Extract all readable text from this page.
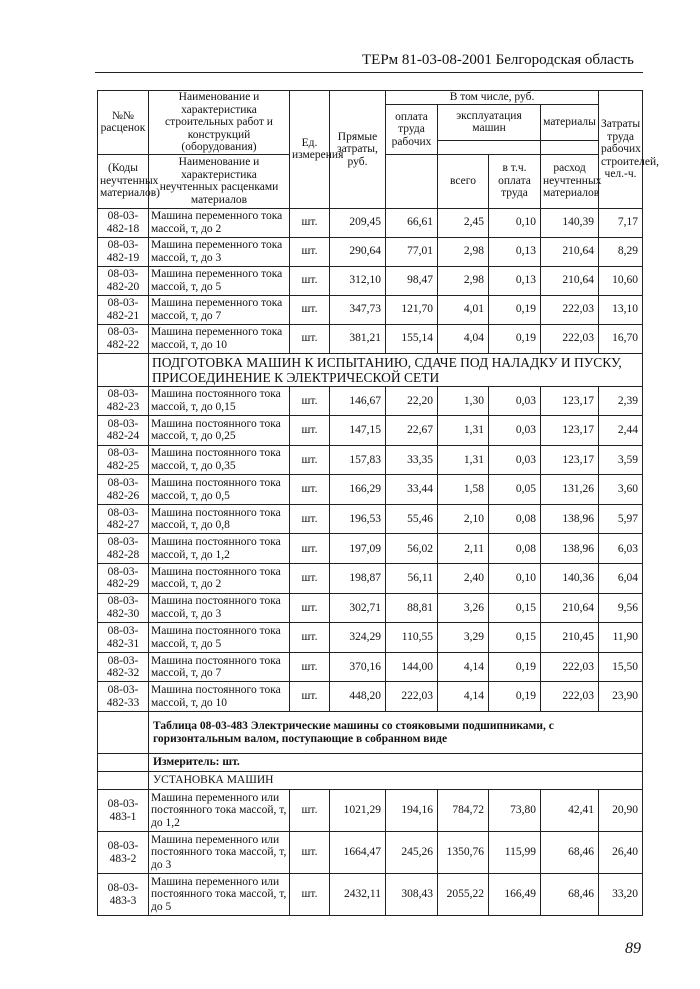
ТЕРм 81-03-08-2001 Белгородская область
№№ расценок	Наименование и характеристика строительных работ и конструкций (оборудования)	Ед. измерения	Прямые затраты, руб.	В том числе, руб.				Затраты труда рабочих строителей, чел.-ч.
				оплата труда рабочих	эксплуатация машин		материалы	

(Коды неучтенных материалов)	Наименование и характеристика неучтенных расценками материалов				всего	в т.ч. оплата труда	расход неучтенных материалов	
08-03-482-18	Машина переменного тока массой, т, до 2	шт.	209,45	66,61	2,45	0,10	140,39	7,17
08-03-482-19	Машина переменного тока массой, т, до 3	шт.	290,64	77,01	2,98	0,13	210,64	8,29
08-03-482-20	Машина переменного тока массой, т, до 5	шт.	312,10	98,47	2,98	0,13	210,64	10,60
08-03-482-21	Машина переменного тока массой, т, до 7	шт.	347,73	121,70	4,01	0,19	222,03	13,10
08-03-482-22	Машина переменного тока массой, т, до 10	шт.	381,21	155,14	4,04	0,19	222,03	16,70
	ПОДГОТОВКА МАШИН К ИСПЫТАНИЮ, СДАЧЕ ПОД НАЛАДКУ И ПУСКУ, ПРИСОЕДИНЕНИЕ К ЭЛЕКТРИЧЕСКОЙ СЕТИ							
08-03-482-23	Машина постоянного тока массой, т, до 0,15	шт.	146,67	22,20	1,30	0,03	123,17	2,39
08-03-482-24	Машина постоянного тока массой, т, до 0,25	шт.	147,15	22,67	1,31	0,03	123,17	2,44
08-03-482-25	Машина постоянного тока массой, т, до 0,35	шт.	157,83	33,35	1,31	0,03	123,17	3,59
08-03-482-26	Машина постоянного тока массой, т, до 0,5	шт.	166,29	33,44	1,58	0,05	131,26	3,60
08-03-482-27	Машина постоянного тока массой, т, до 0,8	шт.	196,53	55,46	2,10	0,08	138,96	5,97
08-03-482-28	Машина постоянного тока массой, т, до 1,2	шт.	197,09	56,02	2,11	0,08	138,96	6,03
08-03-482-29	Машина постоянного тока массой, т, до 2	шт.	198,87	56,11	2,40	0,10	140,36	6,04
08-03-482-30	Машина постоянного тока массой, т, до 3	шт.	302,71	88,81	3,26	0,15	210,64	9,56
08-03-482-31	Машина постоянного тока массой, т, до 5	шт.	324,29	110,55	3,29	0,15	210,45	11,90
08-03-482-32	Машина постоянного тока массой, т, до 7	шт.	370,16	144,00	4,14	0,19	222,03	15,50
08-03-482-33	Машина постоянного тока массой, т, до 10	шт.	448,20	222,03	4,14	0,19	222,03	23,90
	Таблица 08-03-483 Электрические машины со стояковыми подшипниками, с горизонтальным валом, поступающие в собранном виде							
	Измеритель: шт.							
	УСТАНОВКА МАШИН							
08-03-483-1	Машина переменного или постоянного тока массой, т, до 1,2	шт.	1021,29	194,16	784,72	73,80	42,41	20,90
08-03-483-2	Машина переменного или постоянного тока массой, т, до 3	шт.	1664,47	245,26	1350,76	115,99	68,46	26,40
08-03-483-3	Машина переменного или постоянного тока массой, т, до 5	шт.	2432,11	308,43	2055,22	166,49	68,46	33,20
89
